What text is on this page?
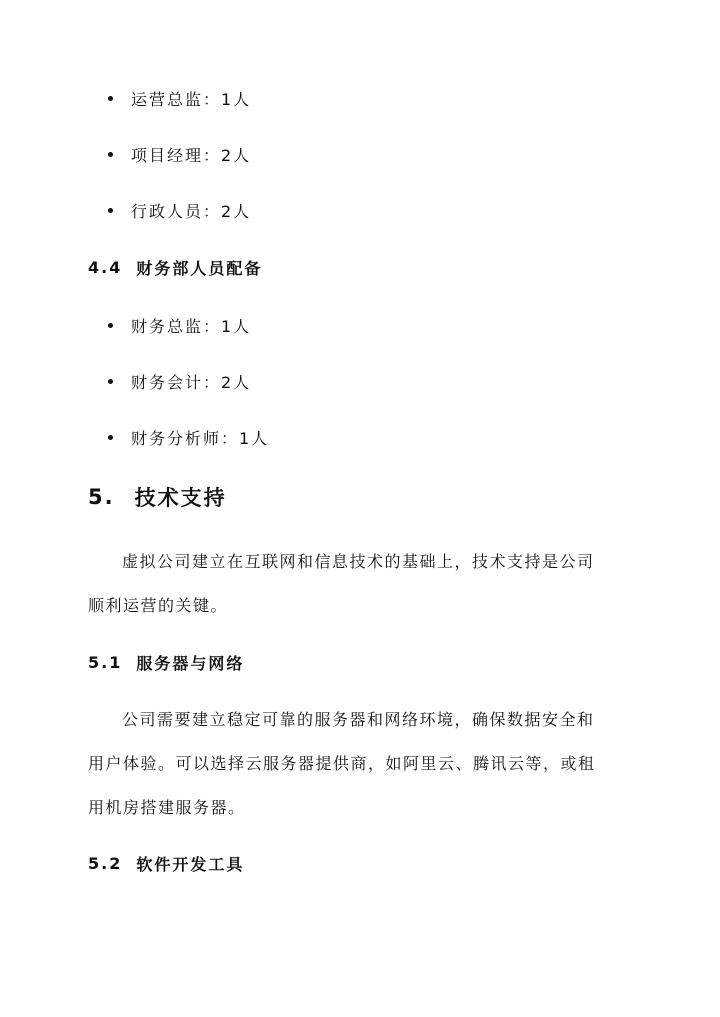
运营总监：1人
项目经理：2人
行政人员：2人
4.4 财务部人员配备
财务总监：1人
财务会计：2人
财务分析师：1人
5. 技术支持
虚拟公司建立在互联网和信息技术的基础上，技术支持是公司
顺利运营的关键。
5.1 服务器与网络
公司需要建立稳定可靠的服务器和网络环境，确保数据安全和
用户体验。可以选择云服务器提供商，如阿里云、腾讯云等，或租
用机房搭建服务器。
5.2 软件开发工具
